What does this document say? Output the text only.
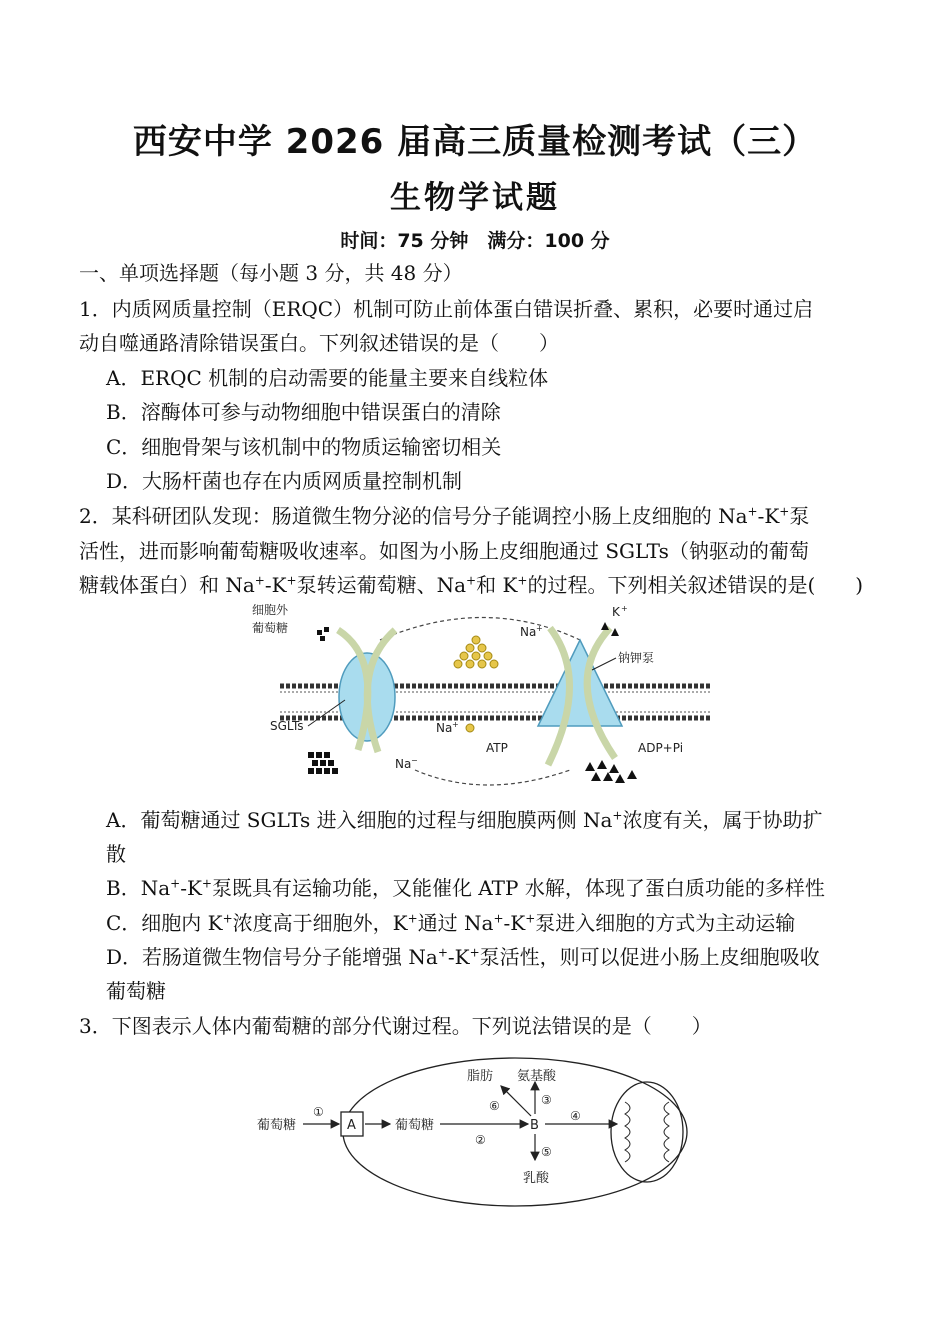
西安中学 2026 届高三质量检测考试（三）
生物学试题
时间：75 分钟　满分：100 分
一、单项选择题（每小题 3 分，共 48 分）
1．内质网质量控制（ERQC）机制可防止前体蛋白错误折叠、累积，必要时通过启
动自噬通路清除错误蛋白。下列叙述错误的是（　　）
A．ERQC 机制的启动需要的能量主要来自线粒体
B．溶酶体可参与动物细胞中错误蛋白的清除
C．细胞骨架与该机制中的物质运输密切相关
D．大肠杆菌也存在内质网质量控制机制
2．某科研团队发现：肠道微生物分泌的信号分子能调控小肠上皮细胞的 Na+-K+泵
活性，进而影响葡萄糖吸收速率。如图为小肠上皮细胞通过 SGLTs（钠驱动的葡萄
糖载体蛋白）和 Na+-K+泵转运葡萄糖、Na+和 K+的过程。下列相关叙述错误的是(　　)
细胞外
葡萄糖
SGLTs
Na +
K +
钠钾泵
Na +
ATP	ADP+Pi
Na −
A．葡萄糖通过 SGLTs 进入细胞的过程与细胞膜两侧 Na+浓度有关，属于协助扩
散
B．Na+-K+泵既具有运输功能，又能催化 ATP 水解，体现了蛋白质功能的多样性
C．细胞内 K+浓度高于细胞外，K+通过 Na+-K+泵进入细胞的方式为主动运输
D．若肠道微生物信号分子能增强 Na+-K+泵活性，则可以促进小肠上皮细胞吸收
葡萄糖
3．下图表示人体内葡萄糖的部分代谢过程。下列说法错误的是（　　）
A
葡萄糖
①
葡萄糖
②
B
④
③
⑤
⑥
脂肪 氨基酸
乳酸
